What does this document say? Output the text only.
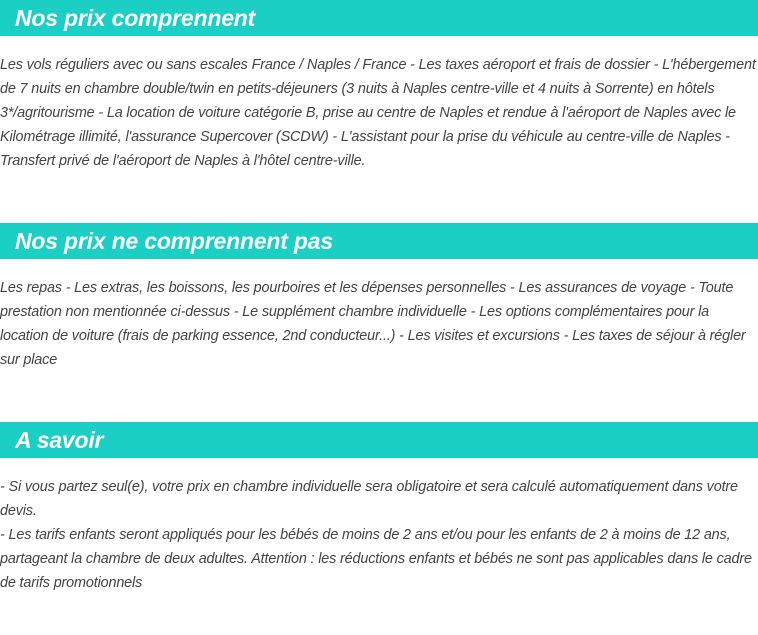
Nos prix comprennent

Les vols réguliers avec ou sans escales France / Naples / France - Les taxes aéroport et frais de dossier - L'hébergement de 7 nuits en chambre double/twin en petits-déjeuners (3 nuits à Naples centre-ville et 4 nuits à Sorrente) en hôtels 3*/agritourisme - La location de voiture catégorie B, prise au centre de Naples et rendue à l'aéroport de Naples avec le Kilométrage illimité, l'assurance Supercover (SCDW) - L'assistant pour la prise du véhicule au centre-ville de Naples - Transfert privé de l'aéroport de Naples à l'hôtel centre-ville.

Nos prix ne comprennent pas

Les repas - Les extras, les boissons, les pourboires et les dépenses personnelles - Les assurances de voyage - Toute prestation non mentionnée ci-dessus - Le supplément chambre individuelle - Les options complémentaires pour la location de voiture (frais de parking essence, 2nd conducteur...) - Les visites et excursions - Les taxes de séjour à régler sur place

A savoir

- Si vous partez seul(e), votre prix en chambre individuelle sera obligatoire et sera calculé automatiquement dans votre devis.

- Les tarifs enfants seront appliqués pour les bébés de moins de 2 ans et/ou pour les enfants de 2 à moins de 12 ans, partageant la chambre de deux adultes. Attention : les réductions enfants et bébés ne sont pas applicables dans le cadre de tarifs promotionnels
